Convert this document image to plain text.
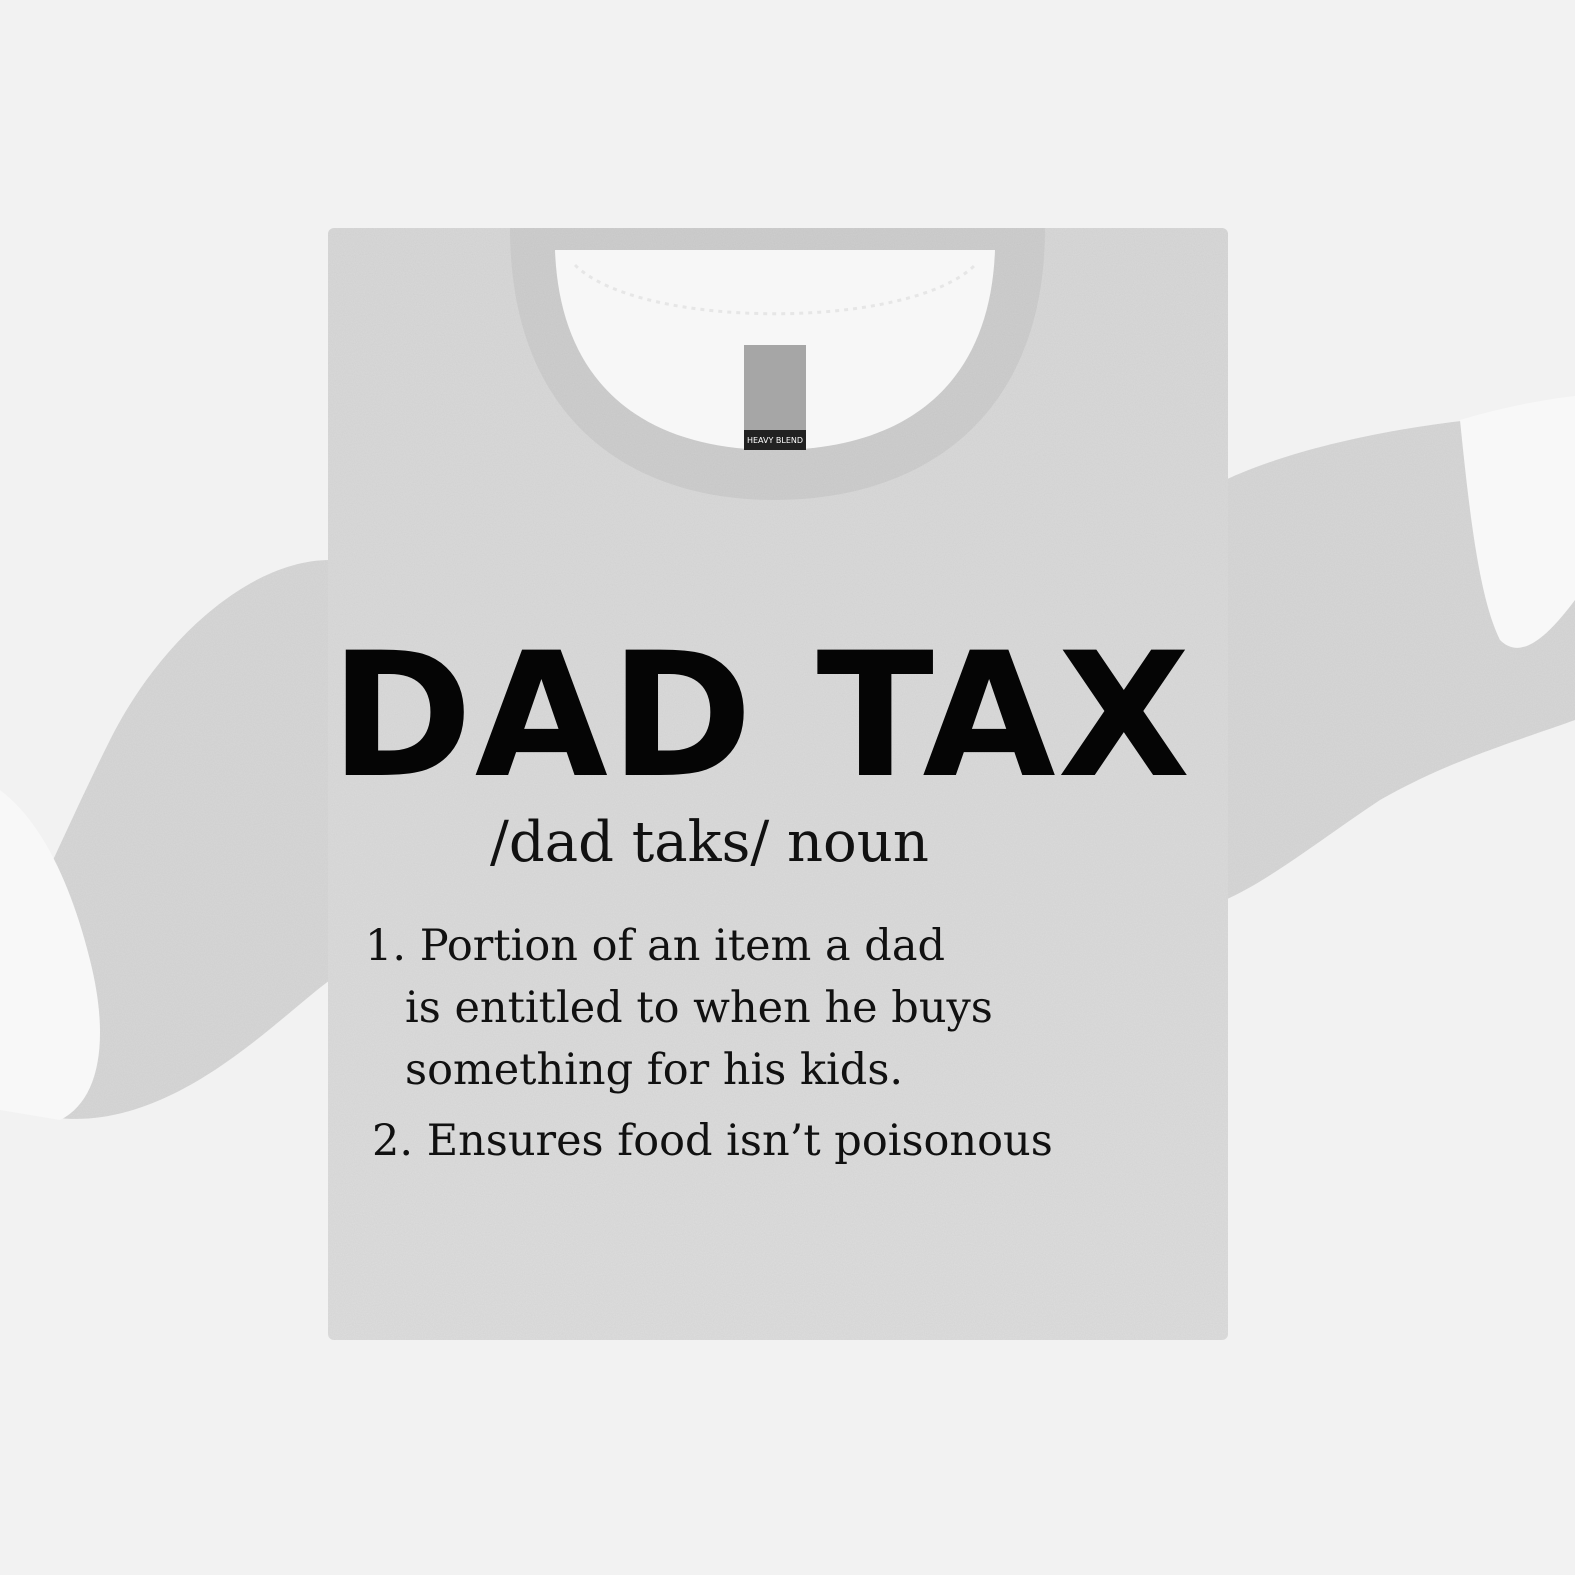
HEAVY BLEND
DAD TAX
/dad taks/ noun
1. Portion of an item a dad
is entitled to when he buys
something for his kids.
2. Ensures food isn’t poisonous
